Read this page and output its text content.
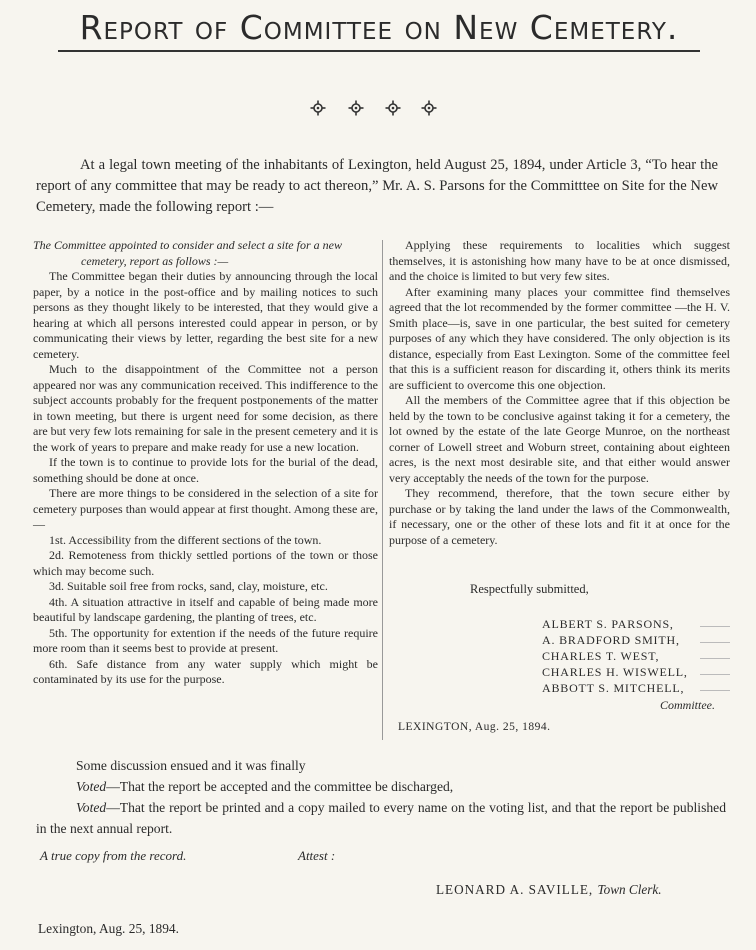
Report of Committee on New Cemetery.

At a legal town meeting of the inhabitants of Lexington, held August 25, 1894, under Article 3, “To hear the report of any committee that may be ready to act thereon,” Mr. A. S. Parsons for the Committtee on Site for the New Cemetery, made the following report :—

The Committee appointed to consider and select a site for a new

cemetery, report as follows :—

The Committee began their duties by announcing through the local paper, by a notice in the post-office and by mailing notices to such persons as they thought likely to be interested, that they would give a hearing at which all persons interested could appear in person, or by communicating their views by letter, regarding the best site for a new cemetery.

Much to the disappointment of the Committee not a person appeared nor was any communication received. This indifference to the subject accounts probably for the frequent postponements of the matter in town meeting, but there is urgent need for some decision, as there are but very few lots remaining for sale in the present cemetery and it is the work of years to prepare and make ready for use a new location.

If the town is to continue to provide lots for the burial of the dead, something should be done at once.

There are more things to be considered in the selection of a site for cemetery purposes than would appear at first thought. Among these are,—

1st. Accessibility from the different sections of the town.

2d. Remoteness from thickly settled portions of the town or those which may become such.

3d. Suitable soil free from rocks, sand, clay, moisture, etc.

4th. A situation attractive in itself and capable of being made more beautiful by landscape gardening, the planting of trees, etc.

5th. The opportunity for extention if the needs of the future require more room than it seems best to provide at present.

6th. Safe distance from any water supply which might be contaminated by its use for the purpose.

Applying these requirements to localities which suggest themselves, it is astonishing how many have to be at once dismissed, and the choice is limited to but very few sites.

After examining many places your committee find themselves agreed that the lot recommended by the former committee —the H. V. Smith place—is, save in one particular, the best suited for cemetery purposes of any which they have considered. The only objection is its distance, especially from East Lexington. Some of the committee feel that this is a sufficient reason for discarding it, others think its merits are sufficient to overcome this one objection.

All the members of the Committee agree that if this objection be held by the town to be conclusive against taking it for a cemetery, the lot owned by the estate of the late George Munroe, on the northeast corner of Lowell street and Woburn street, containing about eighteen acres, is the next most desirable site, and that either would answer very acceptably the needs of the town for the purpose.

They recommend, therefore, that the town secure either by purchase or by taking the land under the laws of the Commonwealth, if necessary, one or the other of these lots and fit it at once for the purpose of a cemetery.

Respectfully submitted,
ALBERT S. PARSONS,
A. BRADFORD SMITH,
CHARLES T. WEST,
CHARLES H. WISWELL,
ABBOTT S. MITCHELL,
Committee.
LEXINGTON, Aug. 25, 1894.

Some discussion ensued and it was finally

Voted—That the report be accepted and the committee be discharged,

Voted—That the report be printed and a copy mailed to every name on the voting list, and that the report be published in the next annual report.

A true copy from the record.	Attest :
LEONARD A. SAVILLE, Town Clerk.
Lexington, Aug. 25, 1894.
